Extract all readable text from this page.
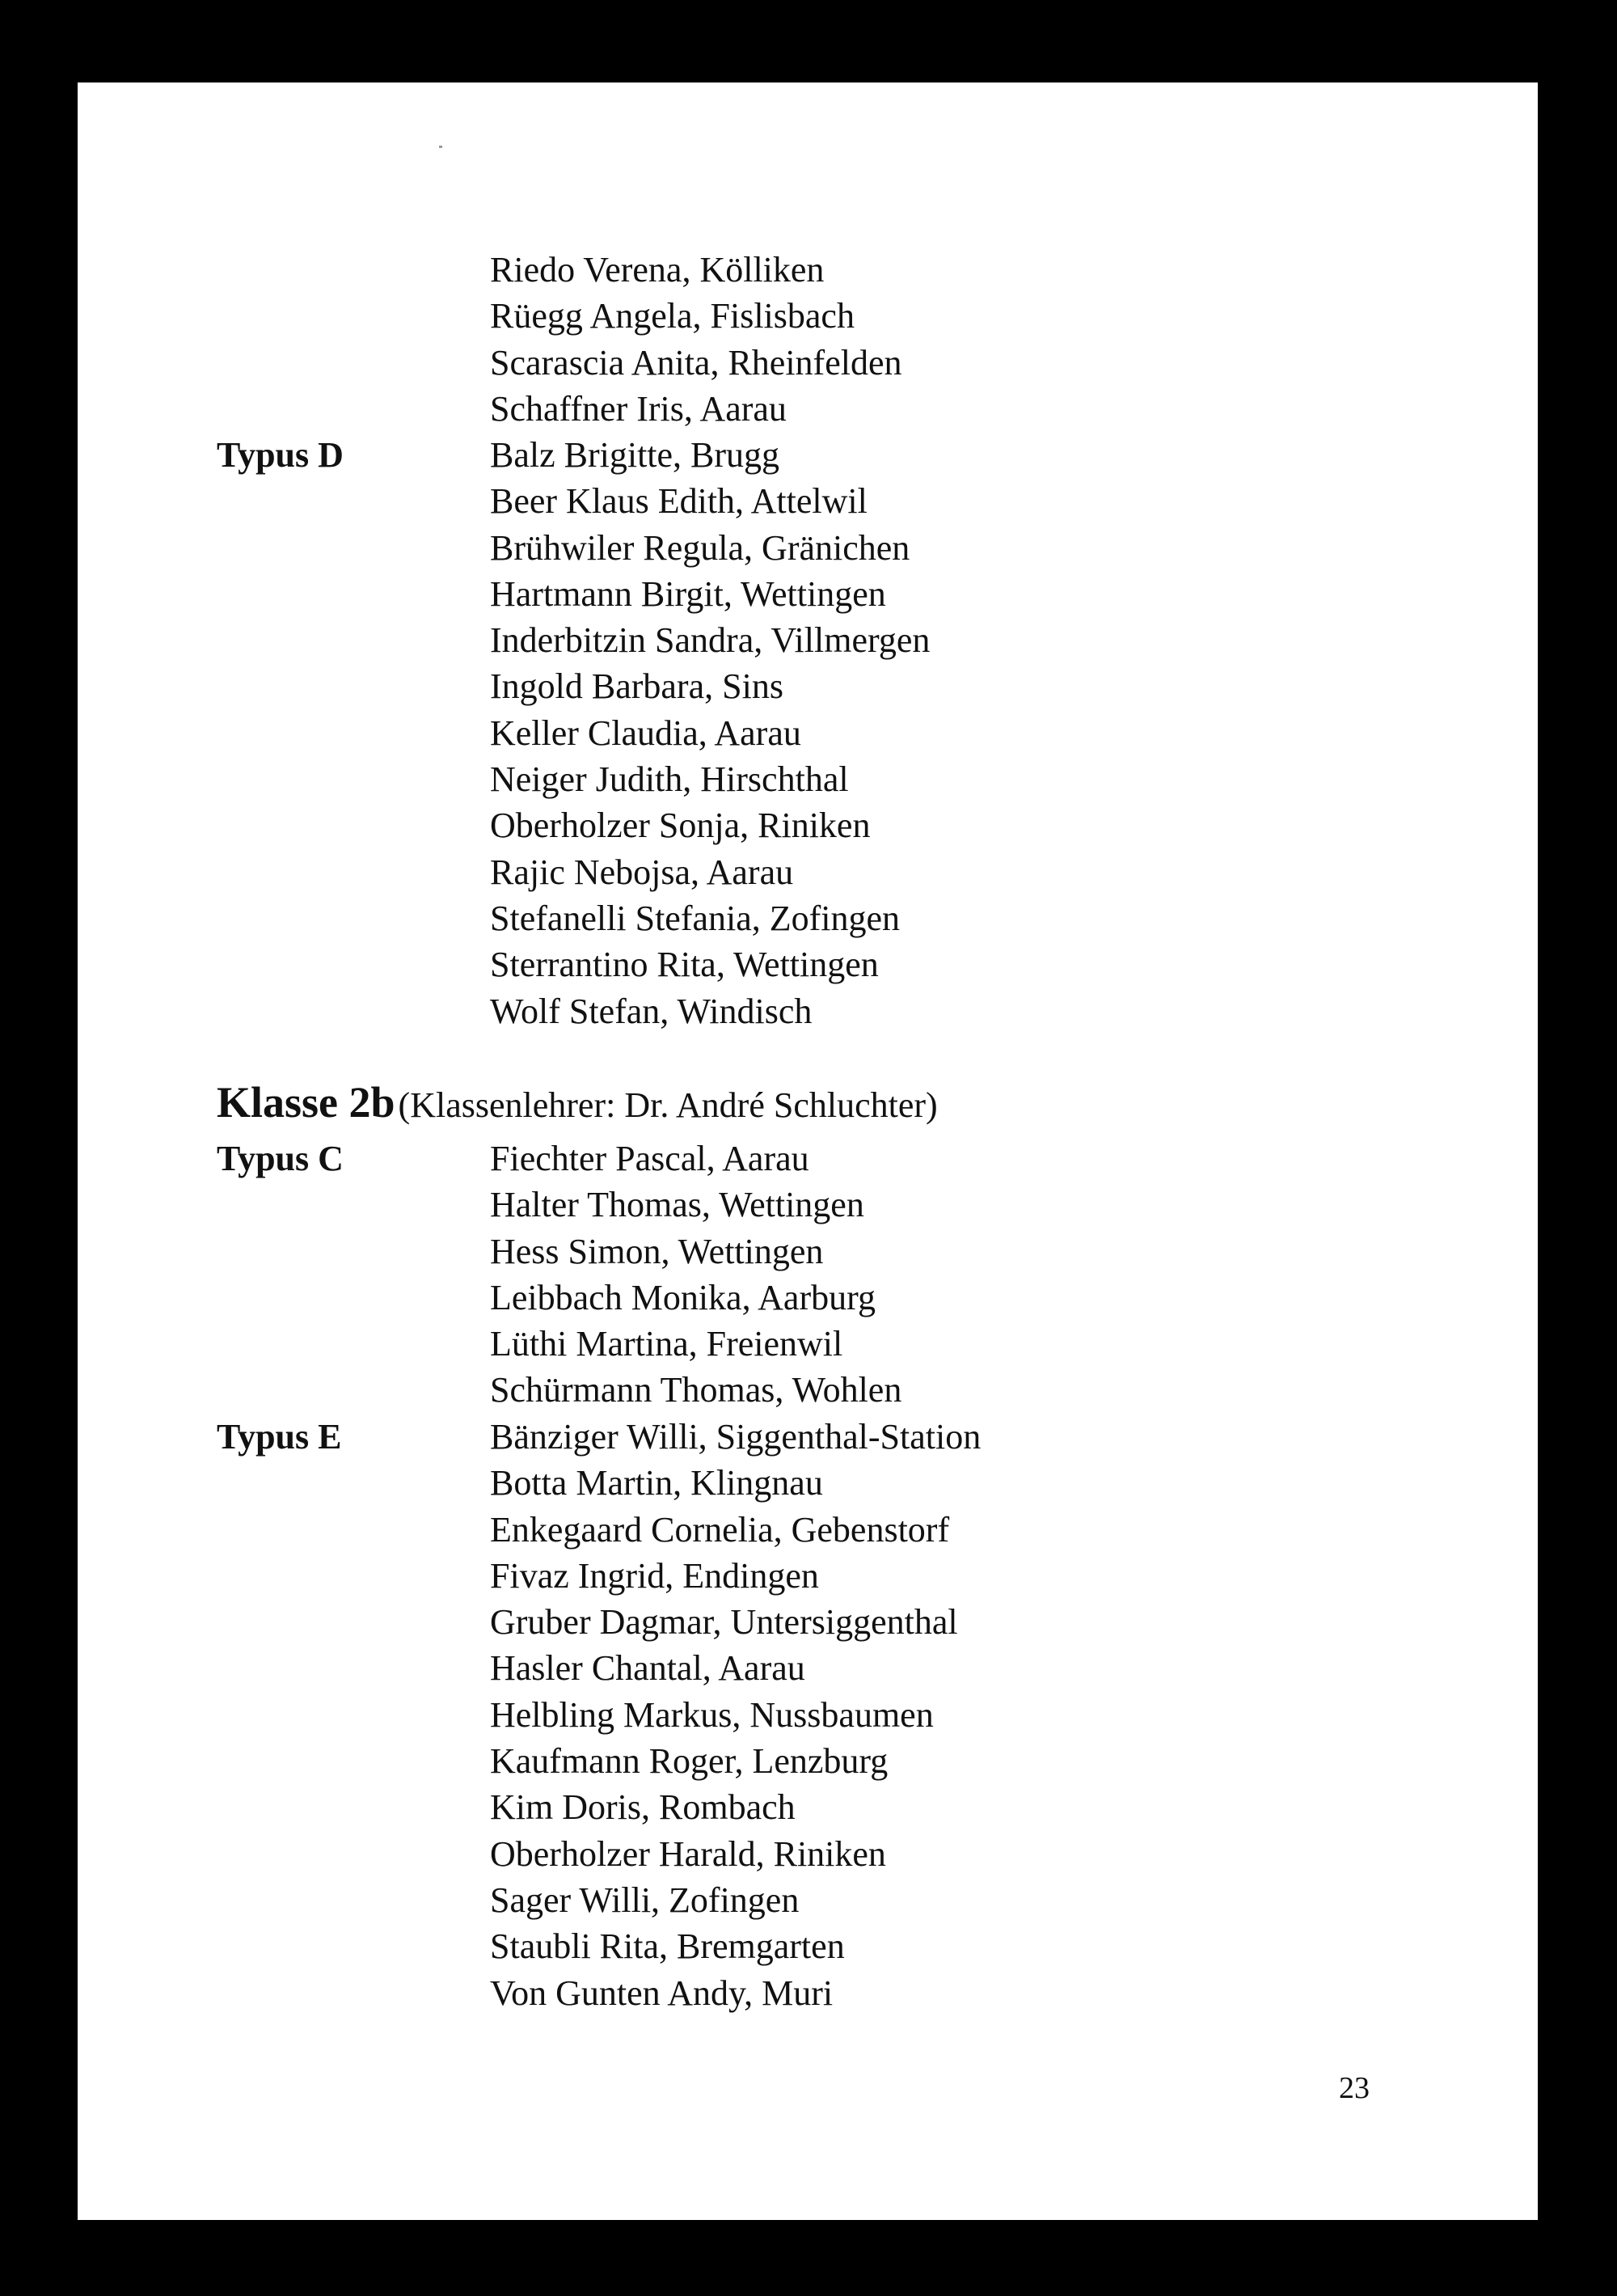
Riedo Verena, Kölliken
Rüegg Angela, Fislisbach
Scarascia Anita, Rheinfelden
Schaffner Iris, Aarau
Typus D	Balz Brigitte, Brugg
Beer Klaus Edith, Attelwil
Brühwiler Regula, Gränichen
Hartmann Birgit, Wettingen
Inderbitzin Sandra, Villmergen
Ingold Barbara, Sins
Keller Claudia, Aarau
Neiger Judith, Hirschthal
Oberholzer Sonja, Riniken
Rajic Nebojsa, Aarau
Stefanelli Stefania, Zofingen
Sterrantino Rita, Wettingen
Wolf Stefan, Windisch
Klasse 2b (Klassenlehrer: Dr. André Schluchter)
Typus C	Fiechter Pascal, Aarau
Halter Thomas, Wettingen
Hess Simon, Wettingen
Leibbach Monika, Aarburg
Lüthi Martina, Freienwil
Schürmann Thomas, Wohlen
Typus E	Bänziger Willi, Siggenthal-Station
Botta Martin, Klingnau
Enkegaard Cornelia, Gebenstorf
Fivaz Ingrid, Endingen
Gruber Dagmar, Untersiggenthal
Hasler Chantal, Aarau
Helbling Markus, Nussbaumen
Kaufmann Roger, Lenzburg
Kim Doris, Rombach
Oberholzer Harald, Riniken
Sager Willi, Zofingen
Staubli Rita, Bremgarten
Von Gunten Andy, Muri
23
